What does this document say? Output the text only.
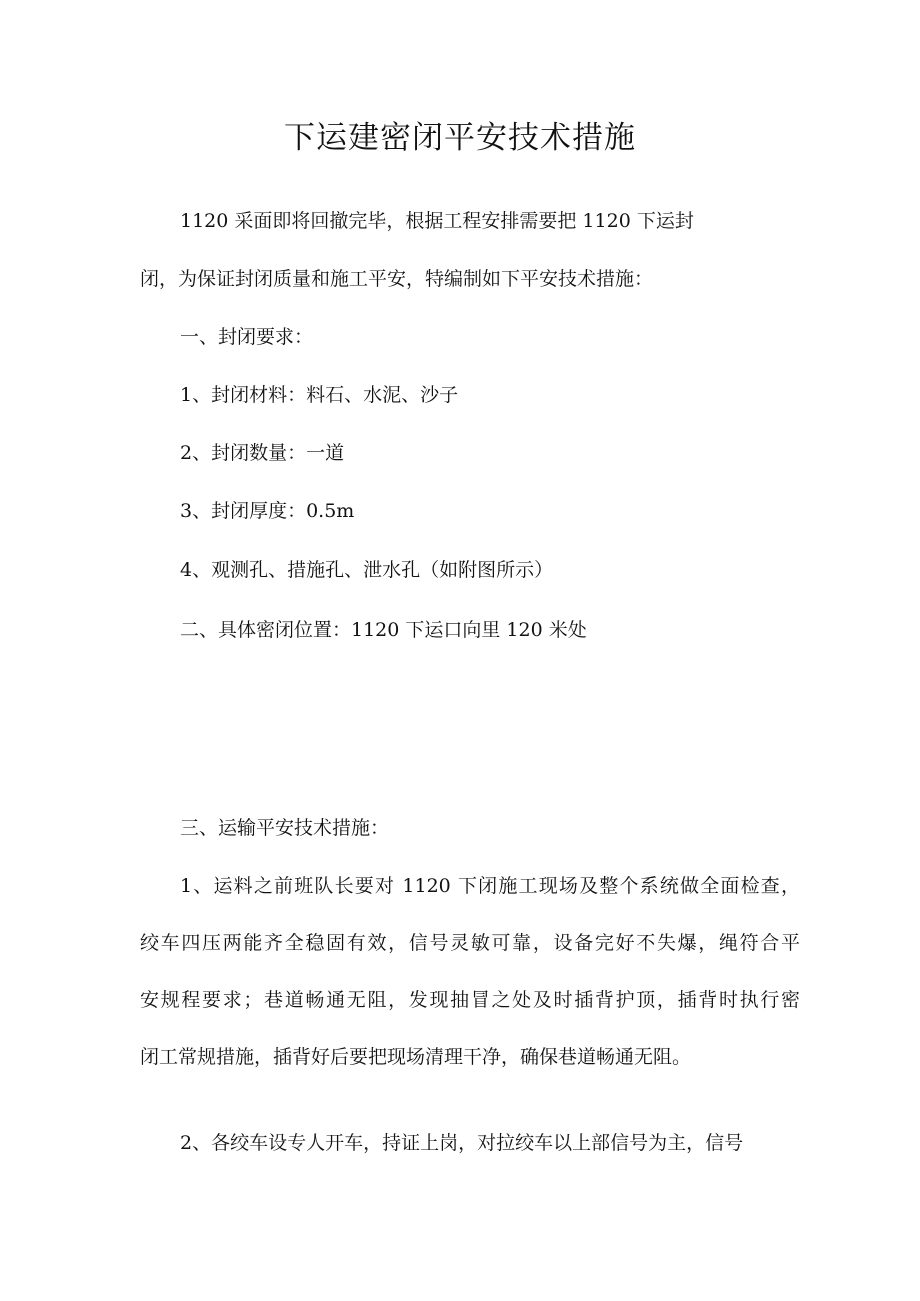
下运建密闭平安技术措施
1120 采面即将回撤完毕，根据工程安排需要把 1120 下运封
闭，为保证封闭质量和施工平安，特编制如下平安技术措施：
一、封闭要求：
1、封闭材料：料石、水泥、沙子
2、封闭数量：一道
3、封闭厚度：0.5m
4、观测孔、措施孔、泄水孔（如附图所示）
二、具体密闭位置：1120 下运口向里 120 米处
三、运输平安技术措施：
1、运料之前班队长要对 1120 下闭施工现场及整个系统做全面检查，
绞车四压两能齐全稳固有效，信号灵敏可靠，设备完好不失爆，绳符合平
安规程要求；巷道畅通无阻，发现抽冒之处及时插背护顶，插背时执行密
闭工常规措施，插背好后要把现场清理干净，确保巷道畅通无阻。
2、各绞车设专人开车，持证上岗，对拉绞车以上部信号为主，信号
